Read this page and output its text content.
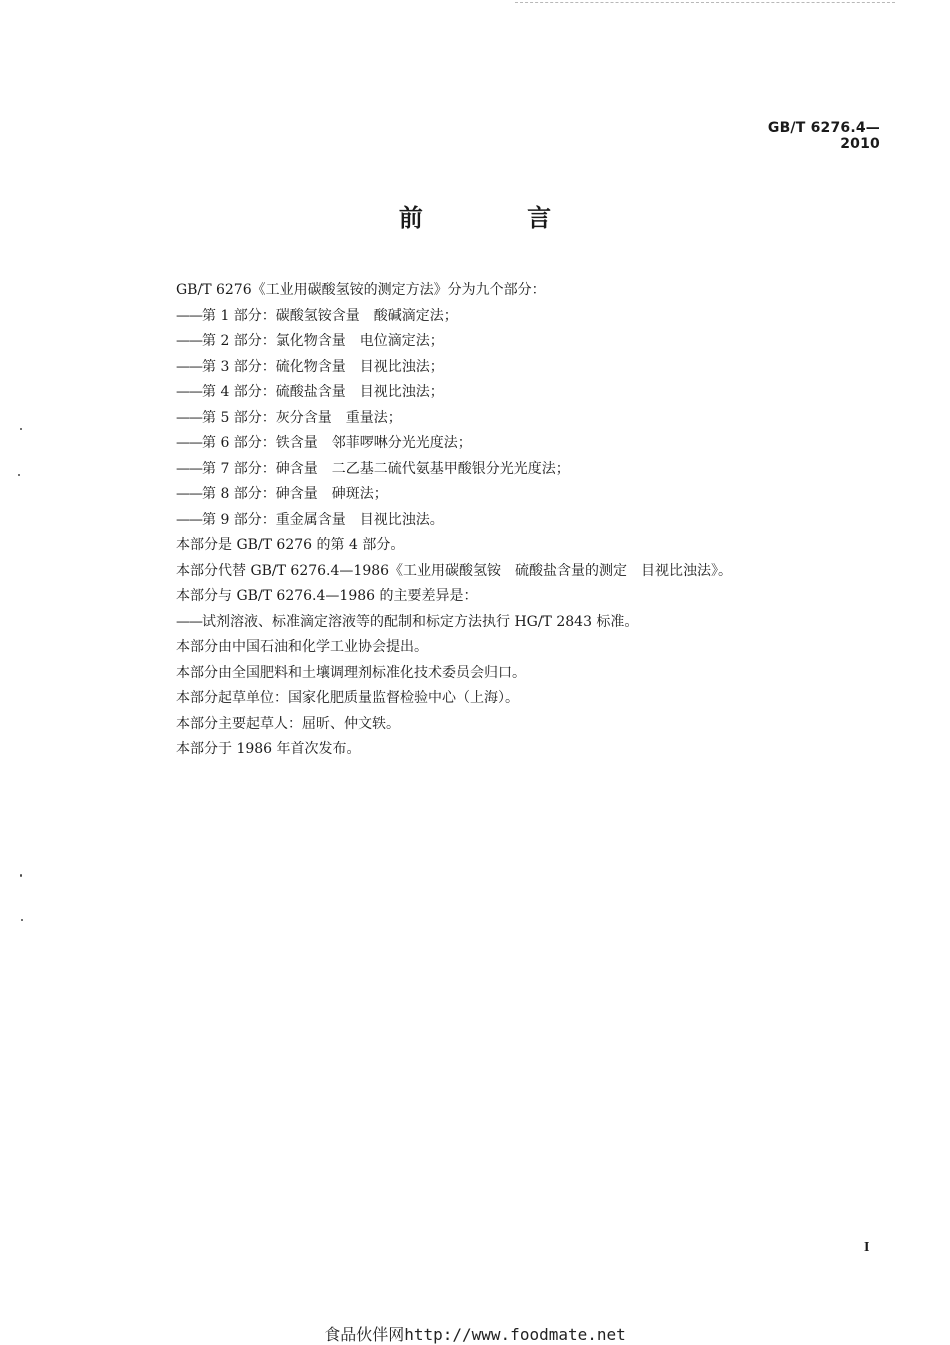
GB/T 6276.4—2010
前 言
GB/T 6276《工业用碳酸氢铵的测定方法》分为九个部分：
——第 1 部分：碳酸氢铵含量　酸碱滴定法；
——第 2 部分：氯化物含量　电位滴定法；
——第 3 部分：硫化物含量　目视比浊法；
——第 4 部分：硫酸盐含量　目视比浊法；
——第 5 部分：灰分含量　重量法；
——第 6 部分：铁含量　邻菲啰啉分光光度法；
——第 7 部分：砷含量　二乙基二硫代氨基甲酸银分光光度法；
——第 8 部分：砷含量　砷斑法；
——第 9 部分：重金属含量　目视比浊法。
本部分是 GB/T 6276 的第 4 部分。
本部分代替 GB/T 6276.4—1986《工业用碳酸氢铵　硫酸盐含量的测定　目视比浊法》。
本部分与 GB/T 6276.4—1986 的主要差异是：
——试剂溶液、标准滴定溶液等的配制和标定方法执行 HG/T 2843 标准。
本部分由中国石油和化学工业协会提出。
本部分由全国肥料和土壤调理剂标准化技术委员会归口。
本部分起草单位：国家化肥质量监督检验中心（上海）。
本部分主要起草人：屈昕、仲文轶。
本部分于 1986 年首次发布。
I
食品伙伴网http://www.foodmate.net
